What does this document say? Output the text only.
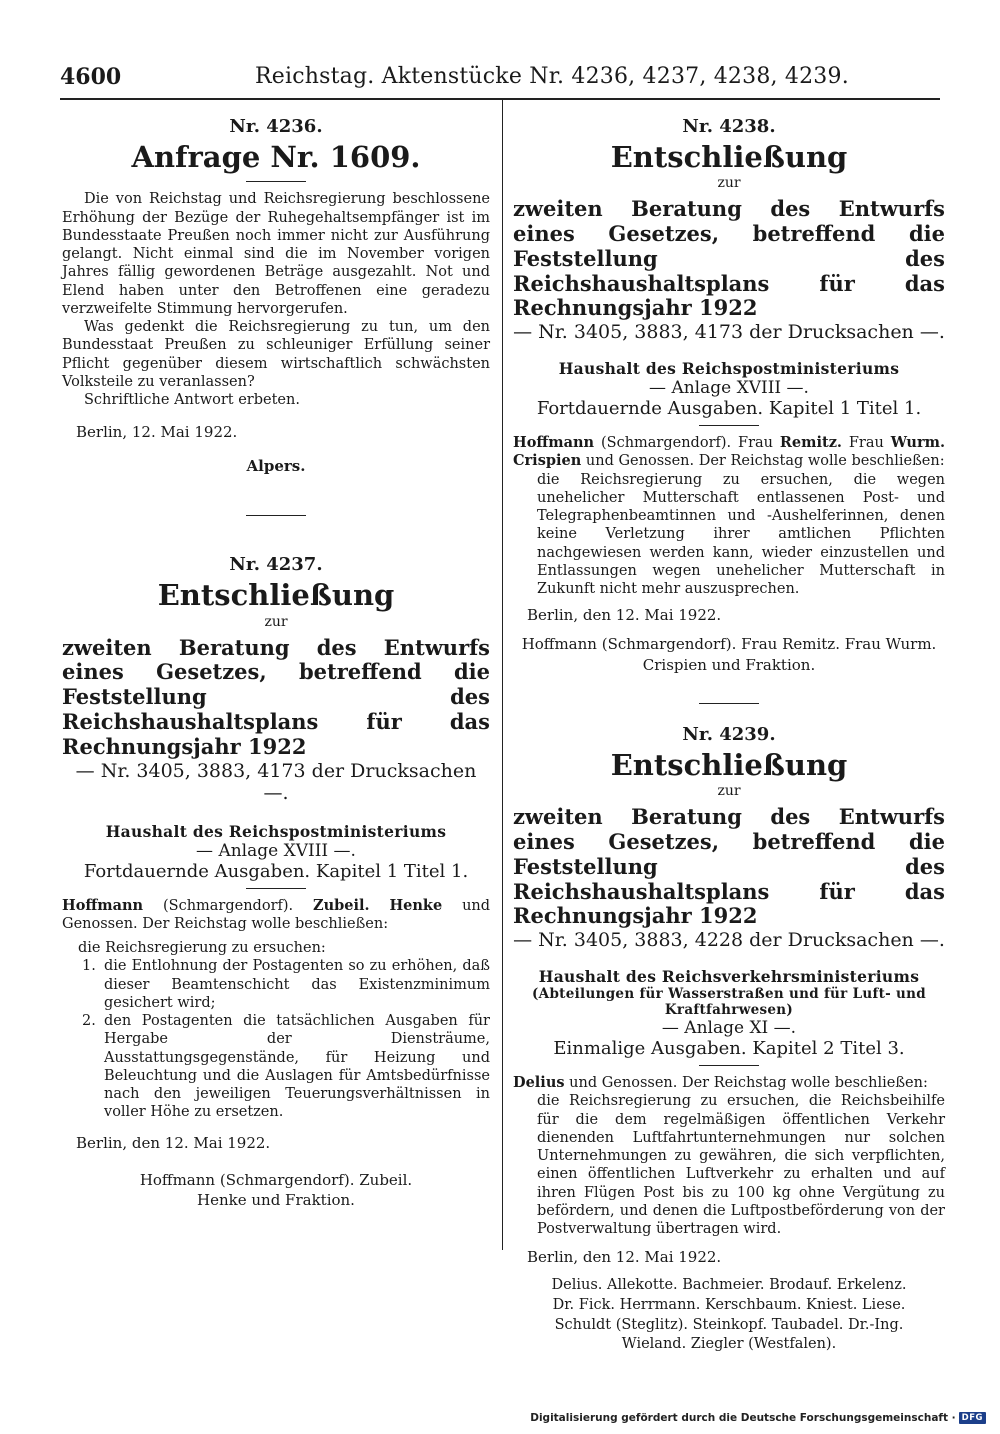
4600	Reichstag. Aktenstücke Nr. 4236, 4237, 4238, 4239.
Nr. 4236.
Anfrage Nr. 1609.
Die von Reichstag und Reichsregierung beschlossene Erhöhung der Bezüge der Ruhegehaltsempfänger ist im Bundesstaate Preußen noch immer nicht zur Ausführung gelangt. Nicht einmal sind die im November vorigen Jahres fällig gewordenen Beträge ausgezahlt. Not und Elend haben unter den Betroffenen eine geradezu verzweifelte Stimmung hervorgerufen.
Was gedenkt die Reichsregierung zu tun, um den Bundesstaat Preußen zu schleuniger Erfüllung seiner Pflicht gegenüber diesem wirtschaftlich schwächsten Volksteile zu veranlassen?
Schriftliche Antwort erbeten.
Berlin, 12. Mai 1922.
Alpers.
Nr. 4237.
Entschließung
zur
zweiten Beratung des Entwurfs eines Gesetzes, betreffend die Feststellung des Reichshaushaltsplans für das Rechnungsjahr 1922
— Nr. 3405, 3883, 4173 der Drucksachen —.
Haushalt des Reichspostministeriums
— Anlage XVIII —.
Fortdauernde Ausgaben. Kapitel 1 Titel 1.
Hoffmann (Schmargendorf). Zubeil. Henke und Genossen. Der Reichstag wolle beschließen:
die Reichsregierung zu ersuchen:
1. die Entlohnung der Postagenten so zu erhöhen, daß dieser Beamtenschicht das Existenzminimum gesichert wird;
2. den Postagenten die tatsächlichen Ausgaben für Hergabe der Diensträume, Ausstattungsgegenstände, für Heizung und Beleuchtung und die Auslagen für Amtsbedürfnisse nach den jeweiligen Teuerungsverhältnissen in voller Höhe zu ersetzen.
Berlin, den 12. Mai 1922.
Hoffmann (Schmargendorf). Zubeil.
Henke und Fraktion.
Nr. 4238.
Entschließung
zur
zweiten Beratung des Entwurfs eines Gesetzes, betreffend die Feststellung des Reichshaushaltsplans für das Rechnungsjahr 1922
— Nr. 3405, 3883, 4173 der Drucksachen —.
Haushalt des Reichspostministeriums
— Anlage XVIII —.
Fortdauernde Ausgaben. Kapitel 1 Titel 1.
Hoffmann (Schmargendorf). Frau Remitz. Frau Wurm. Crispien und Genossen. Der Reichstag wolle beschließen:
die Reichsregierung zu ersuchen, die wegen unehelicher Mutterschaft entlassenen Post- und Telegraphenbeamtinnen und -Aushelferinnen, denen keine Verletzung ihrer amtlichen Pflichten nachgewiesen werden kann, wieder einzustellen und Entlassungen wegen unehelicher Mutterschaft in Zukunft nicht mehr auszusprechen.
Berlin, den 12. Mai 1922.
Hoffmann (Schmargendorf). Frau Remitz. Frau Wurm.
Crispien und Fraktion.
Nr. 4239.
Entschließung
zur
zweiten Beratung des Entwurfs eines Gesetzes, betreffend die Feststellung des Reichshaushaltsplans für das Rechnungsjahr 1922
— Nr. 3405, 3883, 4228 der Drucksachen —.
Haushalt des Reichsverkehrsministeriums
(Abteilungen für Wasserstraßen und für Luft- und Kraftfahrwesen)
— Anlage XI —.
Einmalige Ausgaben. Kapitel 2 Titel 3.
Delius und Genossen. Der Reichstag wolle beschließen:
die Reichsregierung zu ersuchen, die Reichsbeihilfe für die dem regelmäßigen öffentlichen Verkehr dienenden Luftfahrtunternehmungen nur solchen Unternehmungen zu gewähren, die sich verpflichten, einen öffentlichen Luftverkehr zu erhalten und auf ihren Flügen Post bis zu 100 kg ohne Vergütung zu befördern, und denen die Luftpostbeförderung von der Postverwaltung übertragen wird.
Berlin, den 12. Mai 1922.
Delius. Allekotte. Bachmeier. Brodauf. Erkelenz.
Dr. Fick. Herrmann. Kerschbaum. Kniest. Liese.
Schuldt (Steglitz). Steinkopf. Taubadel. Dr.-Ing.
Wieland. Ziegler (Westfalen).
Digitalisierung gefördert durch die Deutsche Forschungsgemeinschaft · DFG
